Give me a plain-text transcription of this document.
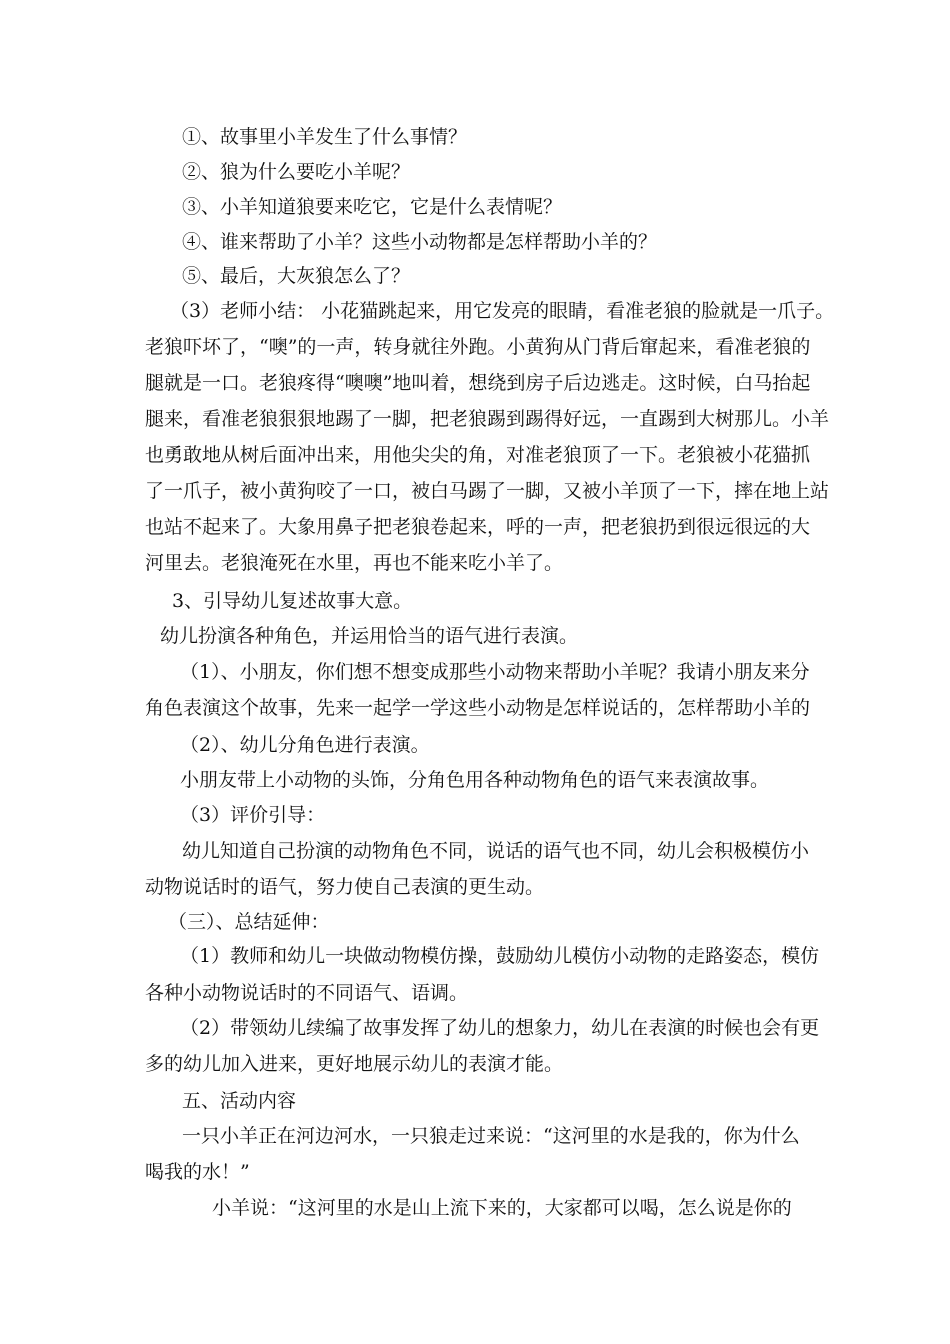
①、故事里小羊发生了什么事情？

②、狼为什么要吃小羊呢？

③、小羊知道狼要来吃它，它是什么表情呢？

④、谁来帮助了小羊？这些小动物都是怎样帮助小羊的？

⑤、最后，大灰狼怎么了？

（3）老师小结： 小花猫跳起来，用它发亮的眼睛，看准老狼的脸就是一爪子。

老狼吓坏了，“噢”的一声，转身就往外跑。小黄狗从门背后窜起来，看准老狼的

腿就是一口。老狼疼得“噢噢”地叫着，想绕到房子后边逃走。这时候，白马抬起

腿来，看准老狼狠狠地踢了一脚，把老狼踢到踢得好远，一直踢到大树那儿。小羊

也勇敢地从树后面冲出来，用他尖尖的角，对准老狼顶了一下。老狼被小花猫抓

了一爪子，被小黄狗咬了一口，被白马踢了一脚，又被小羊顶了一下，摔在地上站

也站不起来了。大象用鼻子把老狼卷起来，呼的一声，把老狼扔到很远很远的大

河里去。老狼淹死在水里，再也不能来吃小羊了。

3、引导幼儿复述故事大意。

幼儿扮演各种角色，并运用恰当的语气进行表演。

（1）、小朋友，你们想不想变成那些小动物来帮助小羊呢？我请小朋友来分

角色表演这个故事，先来一起学一学这些小动物是怎样说话的，怎样帮助小羊的

（2）、幼儿分角色进行表演。

小朋友带上小动物的头饰，分角色用各种动物角色的语气来表演故事。

（3）评价引导：

幼儿知道自己扮演的动物角色不同，说话的语气也不同，幼儿会积极模仿小

动物说话时的语气，努力使自己表演的更生动。

（三）、总结延伸：

（1）教师和幼儿一块做动物模仿操，鼓励幼儿模仿小动物的走路姿态，模仿

各种小动物说话时的不同语气、语调。

（2）带领幼儿续编了故事发挥了幼儿的想象力，幼儿在表演的时候也会有更

多的幼儿加入进来，更好地展示幼儿的表演才能。

五、活动内容

一只小羊正在河边河水，一只狼走过来说：“这河里的水是我的，你为什么

喝我的水！”

小羊说：“这河里的水是山上流下来的，大家都可以喝，怎么说是你的
